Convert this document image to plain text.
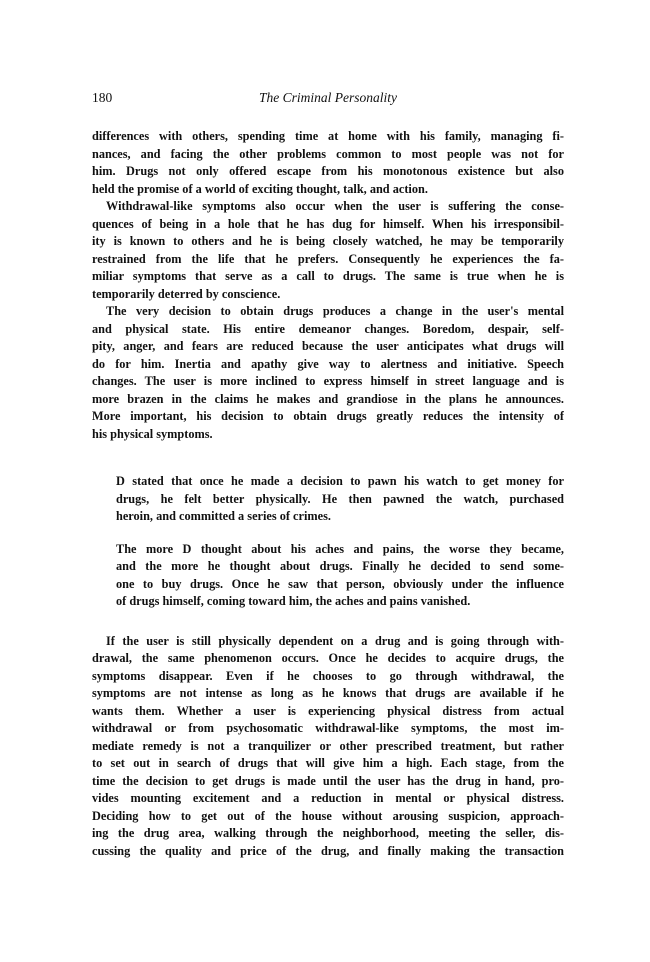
180	The Criminal Personality
differences with others, spending time at home with his family, managing fi-
nances, and facing the other problems common to most people was not for
him. Drugs not only offered escape from his monotonous existence but also
held the promise of a world of exciting thought, talk, and action.
Withdrawal-like symptoms also occur when the user is suffering the conse-
quences of being in a hole that he has dug for himself. When his irresponsibil-
ity is known to others and he is being closely watched, he may be temporarily
restrained from the life that he prefers. Consequently he experiences the fa-
miliar symptoms that serve as a call to drugs. The same is true when he is
temporarily deterred by conscience.
The very decision to obtain drugs produces a change in the user's mental
and physical state. His entire demeanor changes. Boredom, despair, self-
pity, anger, and fears are reduced because the user anticipates what drugs will
do for him. Inertia and apathy give way to alertness and initiative. Speech
changes. The user is more inclined to express himself in street language and is
more brazen in the claims he makes and grandiose in the plans he announces.
More important, his decision to obtain drugs greatly reduces the intensity of
his physical symptoms.
D stated that once he made a decision to pawn his watch to get money for
drugs, he felt better physically. He then pawned the watch, purchased
heroin, and committed a series of crimes.
The more D thought about his aches and pains, the worse they became,
and the more he thought about drugs. Finally he decided to send some-
one to buy drugs. Once he saw that person, obviously under the influence
of drugs himself, coming toward him, the aches and pains vanished.
If the user is still physically dependent on a drug and is going through with-
drawal, the same phenomenon occurs. Once he decides to acquire drugs, the
symptoms disappear. Even if he chooses to go through withdrawal, the
symptoms are not intense as long as he knows that drugs are available if he
wants them. Whether a user is experiencing physical distress from actual
withdrawal or from psychosomatic withdrawal-like symptoms, the most im-
mediate remedy is not a tranquilizer or other prescribed treatment, but rather
to set out in search of drugs that will give him a high. Each stage, from the
time the decision to get drugs is made until the user has the drug in hand, pro-
vides mounting excitement and a reduction in mental or physical distress.
Deciding how to get out of the house without arousing suspicion, approach-
ing the drug area, walking through the neighborhood, meeting the seller, dis-
cussing the quality and price of the drug, and finally making the transaction
